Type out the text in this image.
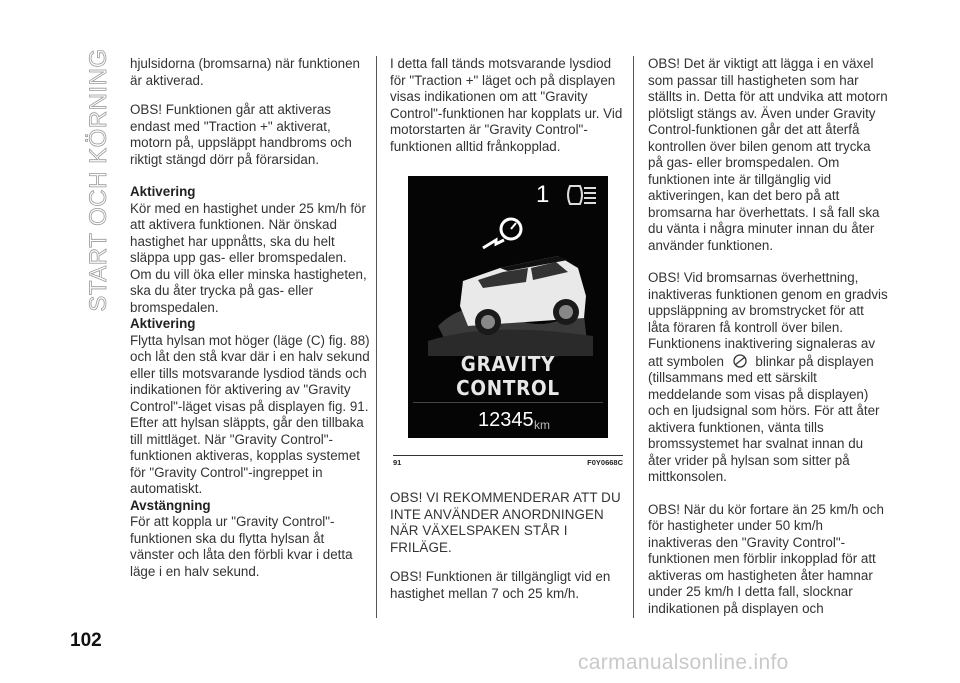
START OCH KÖRNING hjulsidorna (bromsarna) när funktionen är aktiverad.

OBS! Funktionen går att aktiveras endast med "Traction +" aktiverat, motorn på, uppsläppt handbroms och riktigt stängd dörr på förarsidan.

Aktivering

Kör med en hastighet under 25 km/h för att aktivera funktionen. När önskad hastighet har uppnåtts, ska du helt släppa upp gas- eller bromspedalen. Om du vill öka eller minska hastigheten, ska du åter trycka på gas- eller bromspedalen.

Aktivering

Flytta hylsan mot höger (läge (C) fig. 88) och låt den stå kvar där i en halv sekund eller tills motsvarande lysdiod tänds och indikationen för aktivering av "Gravity Control"-läget visas på displayen fig. 91.

Efter att hylsan släppts, går den tillbaka till mittläget. När "Gravity Control"-funktionen aktiveras, kopplas systemet för "Gravity Control"-ingreppet in automatiskt.

Avstängning

För att koppla ur "Gravity Control"-funktionen ska du flytta hylsan åt vänster och låta den förbli kvar i detta läge i en halv sekund.

I detta fall tänds motsvarande lysdiod för "Traction +" läget och på displayen visas indikationen om att "Gravity Control"-funktionen har kopplats ur. Vid motorstarten är "Gravity Control"-funktionen alltid frånkopplad.

1
GRAVITY CONTROL
12345 km
91	F0Y0668C

OBS! VI REKOMMENDERAR ATT DU INTE ANVÄNDER ANORDNINGEN NÄR VÄXELSPAKEN STÅR I FRILÄGE.

OBS! Funktionen är tillgängligt vid en hastighet mellan 7 och 25 km/h.

OBS! Det är viktigt att lägga i en växel som passar till hastigheten som har ställts in. Detta för att undvika att motorn plötsligt stängs av. Även under Gravity Control-funktionen går det att återfå kontrollen över bilen genom att trycka på gas- eller bromspedalen. Om funktionen inte är tillgänglig vid aktiveringen, kan det bero på att bromsarna har överhettats. I så fall ska du vänta i några minuter innan du åter använder funktionen.

OBS! Vid bromsarnas överhettning, inaktiveras funktionen genom en gradvis uppsläppning av bromstrycket för att låta föraren få kontroll över bilen. Funktionens inaktivering signaleras av att symbolen blinkar på displayen (tillsammans med ett särskilt meddelande som visas på displayen) och en ljudsignal som hörs. För att åter aktivera funktionen, vänta tills bromssystemet har svalnat innan du åter vrider på hylsan som sitter på mittkonsolen.

OBS! När du kör fortare än 25 km/h och för hastigheter under 50 km/h inaktiveras den "Gravity Control"-funktionen men förblir inkopplad för att aktiveras om hastigheten åter hamnar under 25 km/h I detta fall, slocknar indikationen på displayen och

102
carmanualsonline.info
